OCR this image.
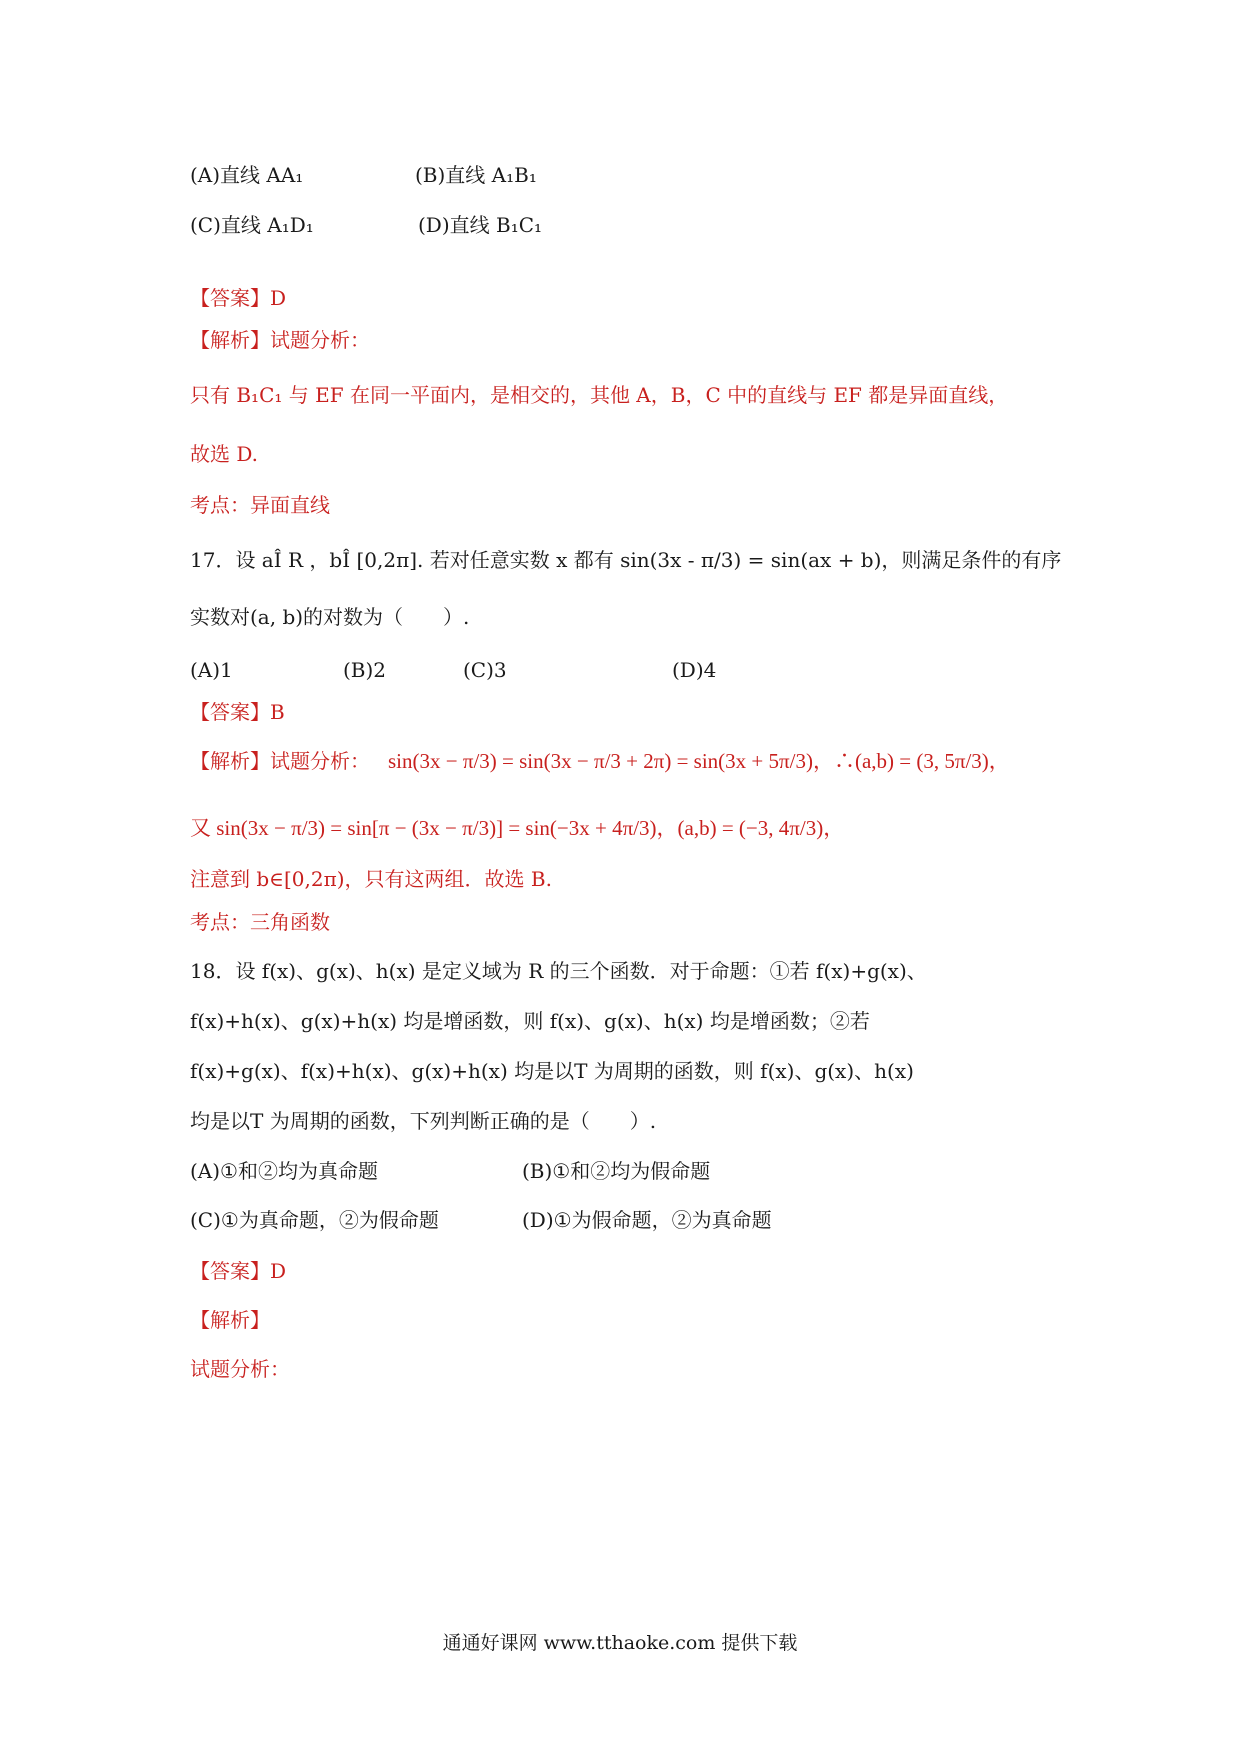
(A)直线 AA₁	(B)直线 A₁B₁
(C)直线 A₁D₁	(D)直线 B₁C₁
【答案】D
【解析】试题分析：
只有 B₁C₁ 与 EF 在同一平面内，是相交的，其他 A，B，C 中的直线与 EF 都是异面直线，
故选 D.
考点：异面直线
17．设 aÎ R ，bÎ [0,2π]. 若对任意实数 x 都有 sin(3x - π/3) = sin(ax + b)，则满足条件的有序
实数对(a, b)的对数为（　　）.
(A)1	(B)2	(C)3	(D)4
【答案】B
【解析】试题分析： sin(3x − π/3) = sin(3x − π/3 + 2π) = sin(3x + 5π/3)，∴(a,b) = (3, 5π/3)，
又 sin(3x − π/3) = sin[π − (3x − π/3)] = sin(−3x + 4π/3)，(a,b) = (−3, 4π/3)，
注意到 b∈[0,2π)，只有这两组．故选 B.
考点：三角函数
18．设 f(x)、g(x)、h(x) 是定义域为 R 的三个函数．对于命题：①若 f(x)+g(x)、
f(x)+h(x)、g(x)+h(x) 均是增函数，则 f(x)、g(x)、h(x) 均是增函数；②若
f(x)+g(x)、f(x)+h(x)、g(x)+h(x) 均是以T 为周期的函数，则 f(x)、g(x)、h(x)
均是以T 为周期的函数，下列判断正确的是（　　）.
(A)①和②均为真命题	(B)①和②均为假命题
(C)①为真命题，②为假命题	(D)①为假命题，②为真命题
【答案】D
【解析】
试题分析：
通通好课网 www.tthaoke.com 提供下载
